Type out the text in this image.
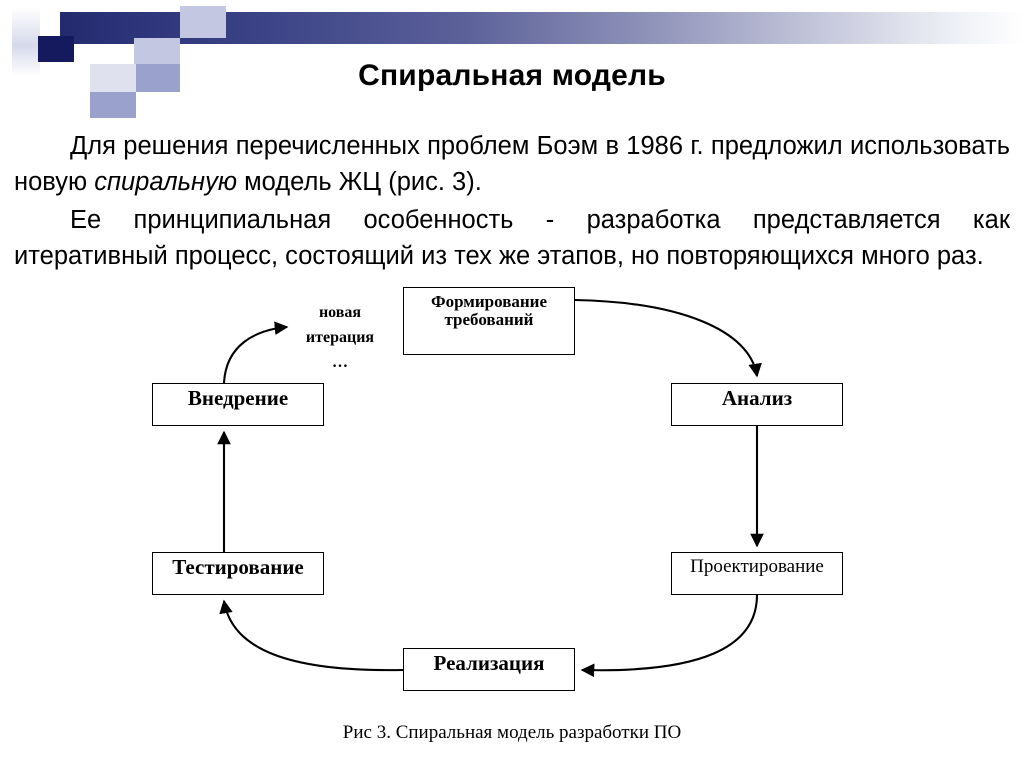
Спиральная модель

Для решения перечисленных проблем Боэм в 1986 г. предложил использовать новую спиральную модель ЖЦ (рис. 3).

Ее принципиальная особенность - разработка представляется как итеративный процесс, состоящий из тех же этапов, но повторяющихся много раз.

новая
итерация
…
Формирование
требований
Анализ
Проектирование
Реализация
Тестирование
Внедрение
Рис 3. Спиральная модель разработки ПО
